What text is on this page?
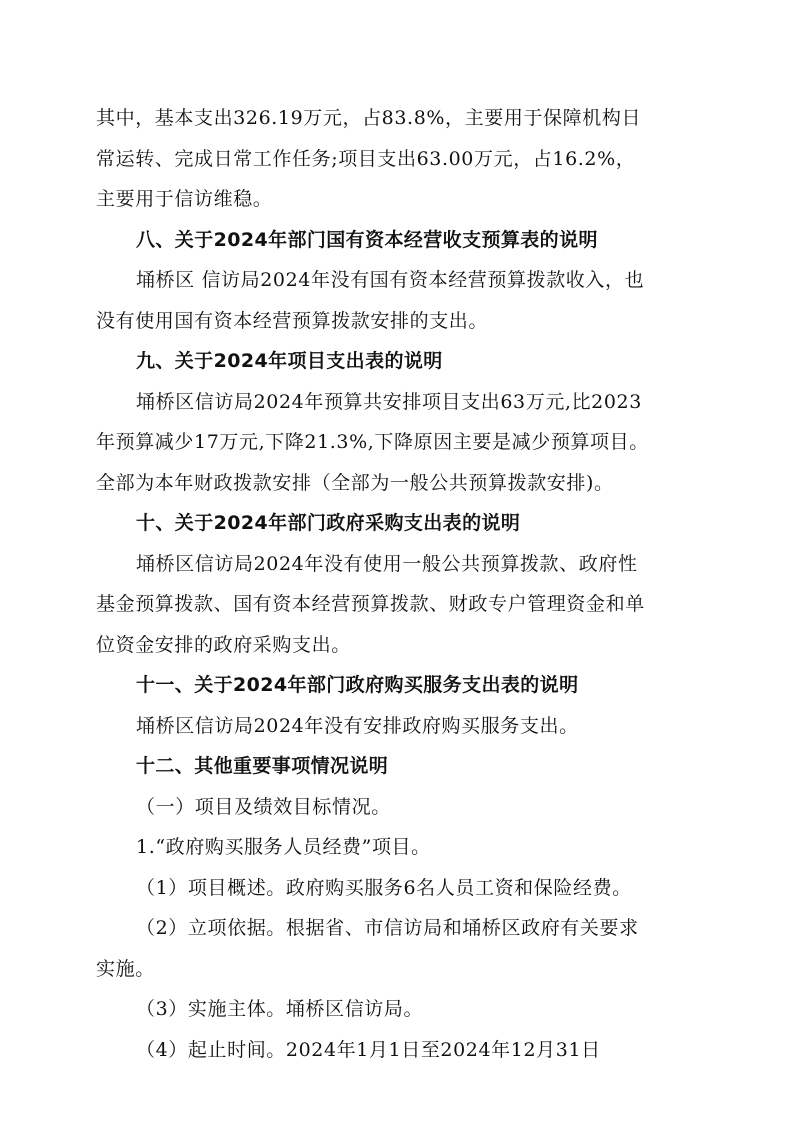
其中，基本支出326.19万元，占83.8%，主要用于保障机构日
常运转、完成日常工作任务;项目支出63.00万元，占16.2%，
主要用于信访维稳。
八、关于2024年部门国有资本经营收支预算表的说明
埇桥区 信访局2024年没有国有资本经营预算拨款收入，也
没有使用国有资本经营预算拨款安排的支出。
九、关于2024年项目支出表的说明
埇桥区信访局2024年预算共安排项目支出63万元,比2023
年预算减少17万元,下降21.3%,下降原因主要是减少预算项目。
全部为本年财政拨款安排（全部为一般公共预算拨款安排)。
十、关于2024年部门政府采购支出表的说明
埇桥区信访局2024年没有使用一般公共预算拨款、政府性
基金预算拨款、国有资本经营预算拨款、财政专户管理资金和单
位资金安排的政府采购支出。
十一、关于2024年部门政府购买服务支出表的说明
埇桥区信访局2024年没有安排政府购买服务支出。
十二、其他重要事项情况说明
（一）项目及绩效目标情况。
1.“政府购买服务人员经费”项目。
（1）项目概述。政府购买服务6名人员工资和保险经费。
（2）立项依据。根据省、市信访局和埇桥区政府有关要求
实施。
（3）实施主体。埇桥区信访局。
（4）起止时间。2024年1月1日至2024年12月31日
